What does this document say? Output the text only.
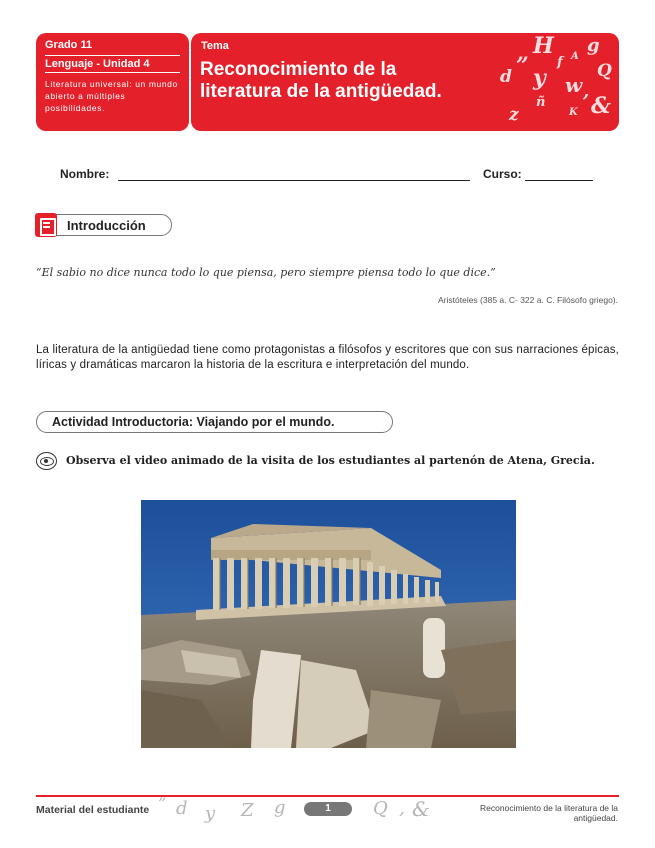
Grado 11
Lenguaje - Unidad 4
Literatura universal: un mundo abierto a múltiples posibilidades.
Tema
Reconocimiento de la literatura de la antigüedad.
H g
f A
Q
d ” y w ,
&
z
ñ
K
Nombre:	Curso:
Introducción
“El sabio no dice nunca todo lo que piensa, pero siempre piensa todo lo que dice.”
Aristóteles (385 a. C- 322 a. C. Filósofo griego).
La literatura de la antigüedad tiene como protagonistas a filósofos y escritores que con sus narraciones épicas, líricas y dramáticas marcaron la historia de la escritura e interpretación del mundo.
Actividad Introductoria: Viajando por el mundo.
Observa el video animado de la visita de los estudiantes al partenón de Atena, Grecia.
Material del estudiante ” d y Z g	Q , &
1	Reconocimiento de la literatura de la antigüedad.
